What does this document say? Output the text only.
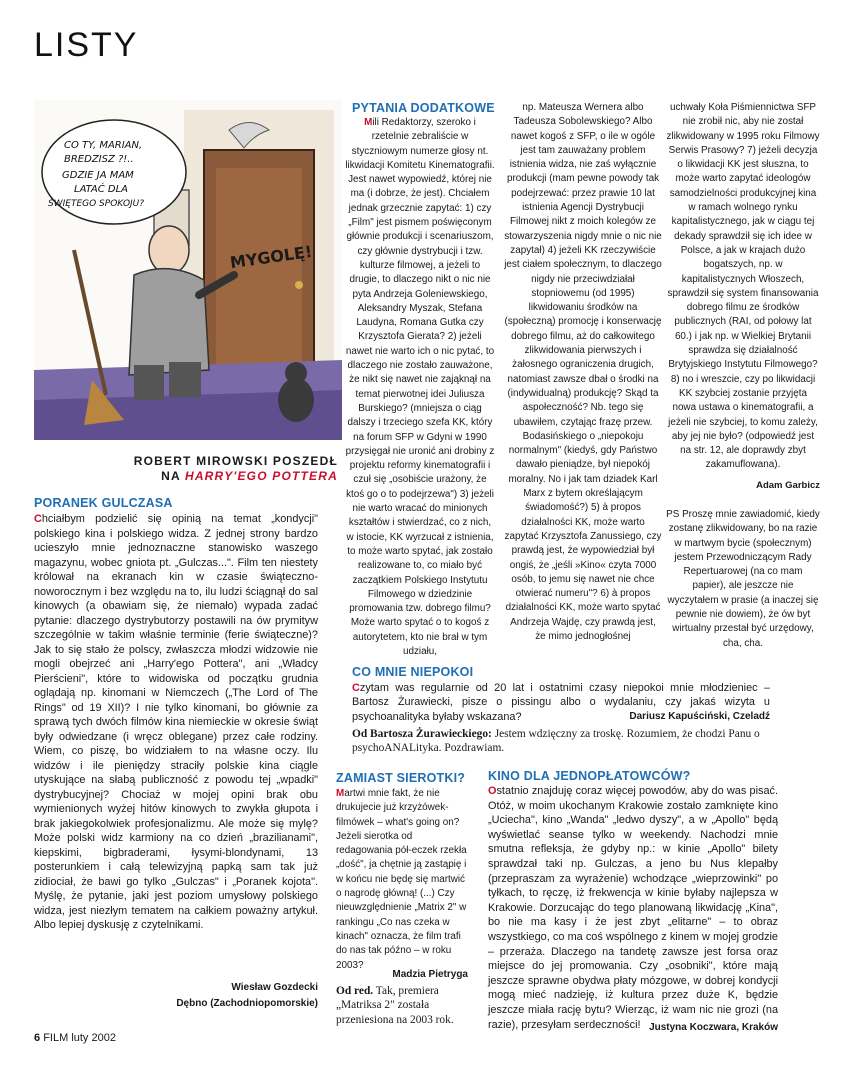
LISTY
CO TY, MARIAN,
BREDZISZ ?!..
GDZIE JA MAM
LATAĆ DLA
ŚWIĘTEGO SPOKOJU?
MYGOLĘ!
ROBERT MIROWSKI POSZEDŁ
NA HARRY'EGO POTTERA
PORANEK GULCZASA
Chciałbym podzielić się opinią na temat „kondycji" polskiego kina i polskiego widza. Z jednej strony bardzo ucieszyło mnie jednoznaczne stanowisko waszego magazynu, wobec gniota pt. „Gulczas...". Film ten niestety królował na ekranach kin w czasie świąteczno-noworocznym i bez względu na to, ilu ludzi ściągnął do sal kinowych (a obawiam się, że niemało) wypada zadać pytanie: dlaczego dystrybutorzy postawili na ów prymityw szczególnie w takim właśnie terminie (ferie świąteczne)? Jak to się stało że polscy, zwłaszcza młodzi widzowie nie mogli obejrzeć ani „Harry'ego Pottera", ani „Władcy Pierścieni", które to widowiska od początku grudnia oglądają np. kinomani w Niemczech („The Lord of The Rings" od 19 XII)? I nie tylko kinomani, bo głównie za sprawą tych dwóch filmów kina niemieckie w okresie świąt były odwiedzane (i wręcz oblegane) przez całe rodziny. Wiem, co piszę, bo widziałem to na własne oczy. Ilu widzów i ile pieniędzy straciły polskie kina ciągle utyskujące na słabą publiczność z powodu tej „wpadki" dystrybucyjnej? Chociaż w mojej opini brak obu wymienionych wyżej hitów kinowych to zwykła głupota i brak jakiegokolwiek profesjonalizmu. Ale może się mylę? Może polski widz karmiony na co dzień „brazilianami", kiepskimi, bigbraderami, łysymi-blondynami, 13 posterunkiem i całą telewizyjną papką sam tak już zidiociał, że bawi go tylko „Gulczas" i „Poranek kojota". Myślę, że pytanie, jaki jest poziom umysłowy polskiego widza, jest niezłym tematem na całkiem poważny artykuł. Albo lepiej dyskusję z czytelnikami.
Wiesław Gozdecki
Dębno (Zachodniopomorskie)
PYTANIA DODATKOWE
Mili Redaktorzy, szeroko i rzetelnie zebraliście w styczniowym numerze głosy nt. likwidacji Komitetu Kinematografii. Jest nawet wypowiedź, której nie ma (i dobrze, że jest). Chciałem jednak grzecznie zapytać: 1) czy „Film" jest pismem poświęconym głównie produkcji i scenariuszom, czy głównie dystrybucji i tzw. kulturze filmowej, a jeżeli to drugie, to dlaczego nikt o nic nie pyta Andrzeja Goleniewskiego, Aleksandry Myszak, Stefana Laudyna, Romana Gutka czy Krzysztofa Gierata? 2) jeżeli nawet nie warto ich o nic pytać, to dlaczego nie zostało zauważone, że nikt się nawet nie zająknął na temat pierwotnej idei Juliusza Burskiego? (mniejsza o ciąg dalszy i trzeciego szefa KK, który na forum SFP w Gdyni w 1990 przysięgał nie uronić ani drobiny z projektu reformy kinematografii i czuł się „osobiście urażony, że ktoś go o to podejrzewa") 3) jeżeli nie warto wracać do minionych kształtów i stwierdzać, co z nich, w istocie, KK wyrzucał z istnienia, to może warto spytać, jak zostało realizowane to, co miało być zaczątkiem Polskiego Instytutu Filmowego w dziedzinie promowania tzw. dobrego filmu? Może warto spytać o to kogoś z autorytetem, kto nie brał w tym udziału,
np. Mateusza Wernera albo Tadeusza Sobolewskiego? Albo nawet kogoś z SFP, o ile w ogóle jest tam zauważany problem istnienia widza, nie zaś wyłącznie produkcji (mam pewne powody tak podejrzewać: przez prawie 10 lat istnienia Agencji Dystrybucji Filmowej nikt z moich kolegów ze stowarzyszenia nigdy mnie o nic nie zapytał) 4) jeżeli KK rzeczywiście jest ciałem społecznym, to dlaczego nigdy nie przeciwdziałał stopniowemu (od 1995) likwidowaniu środków na (społeczną) promocję i konserwację dobrego filmu, aż do całkowitego zlikwidowania pierwszych i żałosnego ograniczenia drugich, natomiast zawsze dbał o środki na (indywidualną) produkcję? Skąd ta aspołeczność? Nb. tego się ubawiłem, czytając frazę przew. Bodasińskiego o „niepokoju normalnym" (kiedyś, gdy Państwo dawało pieniądze, był niepokój moralny. No i jak tam dziadek Karl Marx z bytem określającym świadomość?) 5) à propos działalności KK, może warto zapytać Krzysztofa Zanussiego, czy prawdą jest, że wypowiedział był ongiś, że „jeśli »Kino« czyta 7000 osób, to jemu się nawet nie chce otwierać numeru"? 6) à propos działalności KK, może warto spytać Andrzeja Wajdę, czy prawdą jest, że mimo jednogłośnej
uchwały Koła Piśmiennictwa SFP nie zrobił nic, aby nie został zlikwidowany w 1995 roku Filmowy Serwis Prasowy? 7) jeżeli decyzja o likwidacji KK jest słuszna, to może warto zapytać ideologów samodzielności produkcyjnej kina w ramach wolnego rynku kapitalistycznego, jak w ciągu tej dekady sprawdził się ich idee w Polsce, a jak w krajach dużo bogatszych, np. w kapitalistycznych Włoszech, sprawdził się system finansowania dobrego filmu ze środków publicznych (RAI, od połowy lat 60.) i jak np. w Wielkiej Brytanii sprawdza się działalność Brytyjskiego Instytutu Filmowego? 8) no i wreszcie, czy po likwidacji KK szybciej zostanie przyjęta nowa ustawa o kinematografii, a jeżeli nie szybciej, to komu zależy, aby jej nie było? (odpowiedź jest na str. 12, ale doprawdy zbyt zakamuflowana).
Adam Garbicz
PS Proszę mnie zawiadomić, kiedy zostanę zlikwidowany, bo na razie w martwym bycie (społecznym) jestem Przewodniczącym Rady Repertuarowej (na co mam papier), ale jeszcze nie wyczytałem w prasie (a inaczej się pewnie nie dowiem), że ów byt wirtualny przestał być urzędowy, cha, cha.
CO MNIE NIEPOKOI
Czytam was regularnie od 20 lat i ostatnimi czasy niepokoi mnie młodzieniec – Bartosz Żurawiecki, pisze o pissingu albo o wydalaniu, czy jakaś wizyta u psychoanalityka byłaby wskazana?	Dariusz Kapuściński, Czeladź
Od Bartosza Żurawieckiego: Jestem wdzięczny za troskę. Rozumiem, że chodzi Panu o psychoANALityka. Pozdrawiam.
ZAMIAST SIEROTKI?
Martwi mnie fakt, że nie drukujecie już krzyżówek-filmówek – what's going on? Jeżeli sierotka od redagowania pół-eczek rzekła „dość", ja chętnie ją zastąpię i w końcu nie będę się martwić o nagrodę główną! (...) Czy nieuwzględnienie „Matrix 2" w rankingu „Co nas czeka w kinach" oznacza, że film trafi do nas tak późno – w roku 2003?
Madzia Pietryga
Od red. Tak, premiera „Matriksa 2" została przeniesiona na 2003 rok.
KINO DLA JEDNOPŁATOWCÓW?
Ostatnio znajduję coraz więcej powodów, aby do was pisać. Otóż, w moim ukochanym Krakowie zostało zamknięte kino „Uciecha", kino „Wanda" „ledwo dyszy", a w „Apollo" będą wyświetlać seanse tylko w weekendy. Nachodzi mnie smutna refleksja, że gdyby np.: w kinie „Apollo" bilety sprawdzał taki np. Gulczas, a jeno bu Nus klepałby (przepraszam za wyrażenie) wchodzące „wieprzowinki" po tyłkach, to ręczę, iż frekwencja w kinie byłaby najlepsza w Krakowie. Dorzucając do tego planowaną likwidację „Kina", bo nie ma kasy i że jest zbyt „elitarne" – to obraz wszystkiego, co ma coś wspólnego z kinem w mojej grodzie – przeraża. Dlaczego na tandetę zawsze jest forsa oraz miejsce do jej promowania. Czy „osobniki", które mają jeszcze sprawne obydwa płaty mózgowe, w dobrej kondycji mogą mieć nadzieję, iż kultura przez duże K, będzie jeszcze miała rację bytu? Wierząc, iż wam nic nie grozi (na razie), przesyłam serdeczności! Justyna Koczwara, Kraków
6 FILM luty 2002
